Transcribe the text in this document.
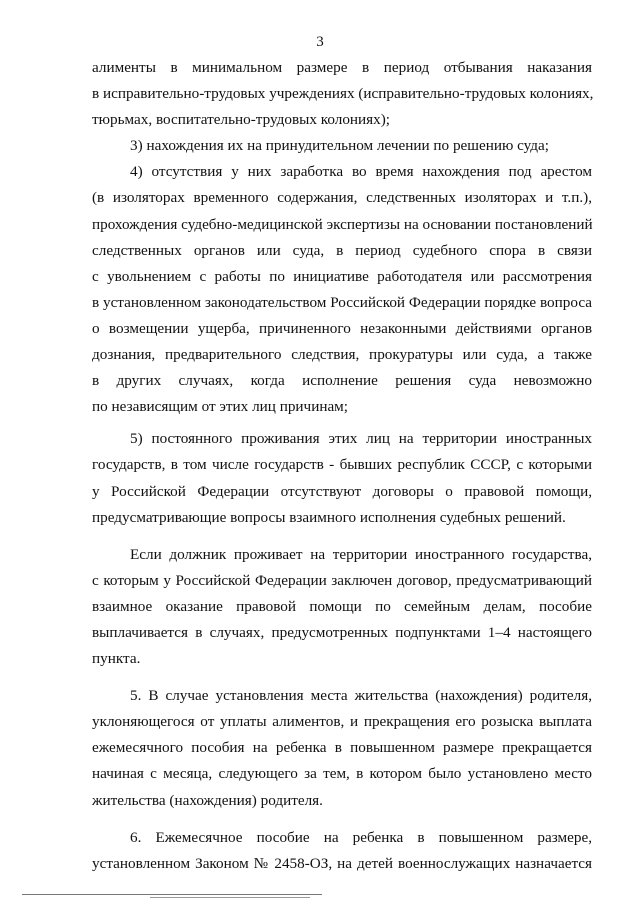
3
алименты в минимальном размере в период отбывания наказания
в исправительно-трудовых учреждениях (исправительно-трудовых колониях,
тюрьмах, воспитательно-трудовых колониях);
3) нахождения их на принудительном лечении по решению суда;
4) отсутствия у них заработка во время нахождения под арестом
(в изоляторах временного содержания, следственных изоляторах и т.п.),
прохождения судебно-медицинской экспертизы на основании постановлений
следственных органов или суда, в период судебного спора в связи
с увольнением с работы по инициативе работодателя или рассмотрения
в установленном законодательством Российской Федерации порядке вопроса
о возмещении ущерба, причиненного незаконными действиями органов
дознания, предварительного следствия, прокуратуры или суда, а также
в других случаях, когда исполнение решения суда невозможно
по независящим от этих лиц причинам;
5) постоянного проживания этих лиц на территории иностранных
государств, в том числе государств - бывших республик СССР, с которыми
у Российской Федерации отсутствуют договоры о правовой помощи,
предусматривающие вопросы взаимного исполнения судебных решений.
Если должник проживает на территории иностранного государства,
с которым у Российской Федерации заключен договор, предусматривающий
взаимное оказание правовой помощи по семейным делам, пособие
выплачивается в случаях, предусмотренных подпунктами 1–4 настоящего
пункта.
5. В случае установления места жительства (нахождения) родителя,
уклоняющегося от уплаты алиментов, и прекращения его розыска выплата
ежемесячного пособия на ребенка в повышенном размере прекращается
начиная с месяца, следующего за тем, в котором было установлено место
жительства (нахождения) родителя.
6. Ежемесячное пособие на ребенка в повышенном размере,
установленном Законом № 2458-ОЗ, на детей военнослужащих назначается
